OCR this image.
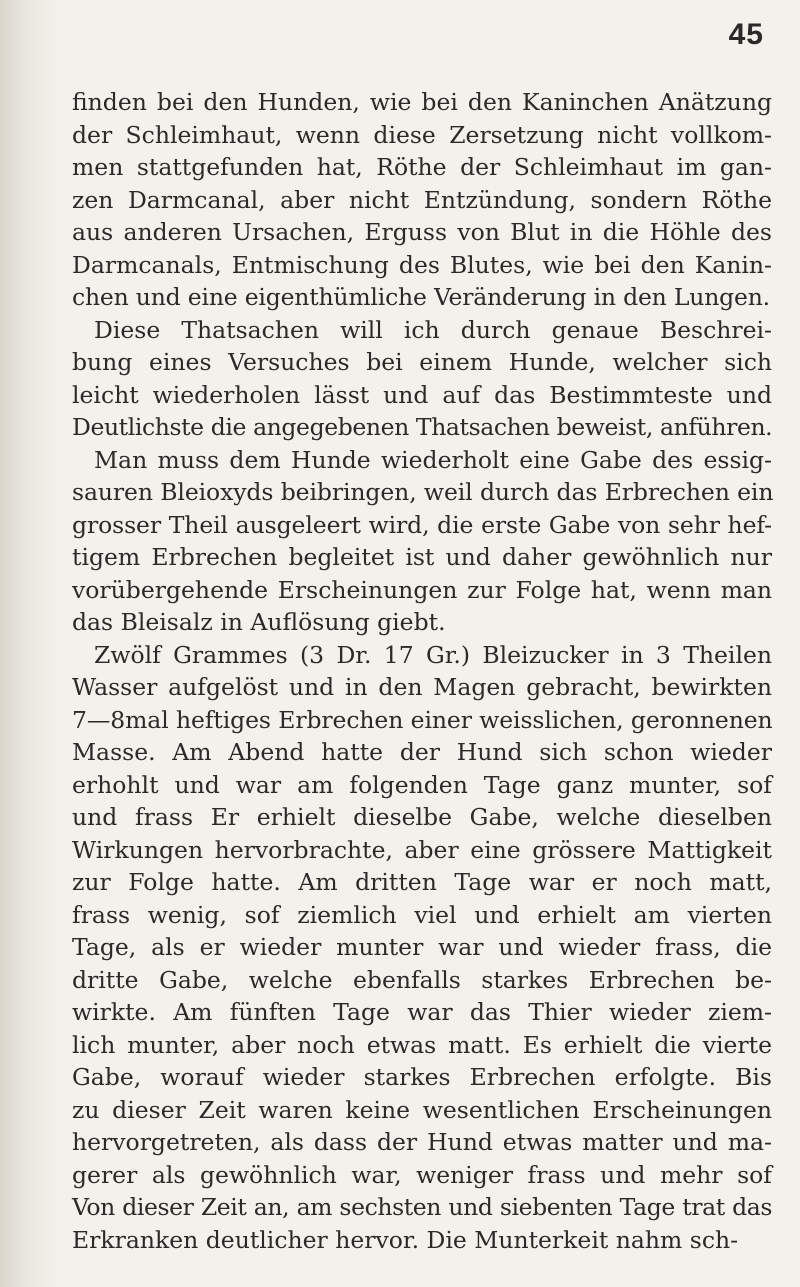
45
finden bei den Hunden, wie bei den Kaninchen Anätzung
der Schleimhaut, wenn diese Zersetzung nicht vollkom-
men stattgefunden hat, Röthe der Schleimhaut im gan-
zen Darmcanal, aber nicht Entzündung, sondern Röthe
aus anderen Ursachen, Erguss von Blut in die Höhle des
Darmcanals, Entmischung des Blutes, wie bei den Kanin-
chen und eine eigenthümliche Veränderung in den Lungen.
Diese Thatsachen will ich durch genaue Beschrei-
bung eines Versuches bei einem Hunde, welcher sich
leicht wiederholen lässt und auf das Bestimmteste und
Deutlichste die angegebenen Thatsachen beweist, anführen.
Man muss dem Hunde wiederholt eine Gabe des essig-
sauren Bleioxyds beibringen, weil durch das Erbrechen ein
grosser Theil ausgeleert wird, die erste Gabe von sehr hef-
tigem Erbrechen begleitet ist und daher gewöhnlich nur
vorübergehende Erscheinungen zur Folge hat, wenn man
das Bleisalz in Auflösung giebt.
Zwölf Grammes (3 Dr. 17 Gr.) Bleizucker in 3 Theilen
Wasser aufgelöst und in den Magen gebracht, bewirkten
7—8mal heftiges Erbrechen einer weisslichen, geronnenen
Masse. Am Abend hatte der Hund sich schon wieder
erhohlt und war am folgenden Tage ganz munter, sof
und frass Er erhielt dieselbe Gabe, welche dieselben
Wirkungen hervorbrachte, aber eine grössere Mattigkeit
zur Folge hatte. Am dritten Tage war er noch matt,
frass wenig, sof ziemlich viel und erhielt am vierten
Tage, als er wieder munter war und wieder frass, die
dritte Gabe, welche ebenfalls starkes Erbrechen be-
wirkte. Am fünften Tage war das Thier wieder ziem-
lich munter, aber noch etwas matt. Es erhielt die vierte
Gabe, worauf wieder starkes Erbrechen erfolgte. Bis
zu dieser Zeit waren keine wesentlichen Erscheinungen
hervorgetreten, als dass der Hund etwas matter und ma-
gerer als gewöhnlich war, weniger frass und mehr sof
Von dieser Zeit an, am sechsten und siebenten Tage trat das
Erkranken deutlicher hervor. Die Munterkeit nahm sch-
